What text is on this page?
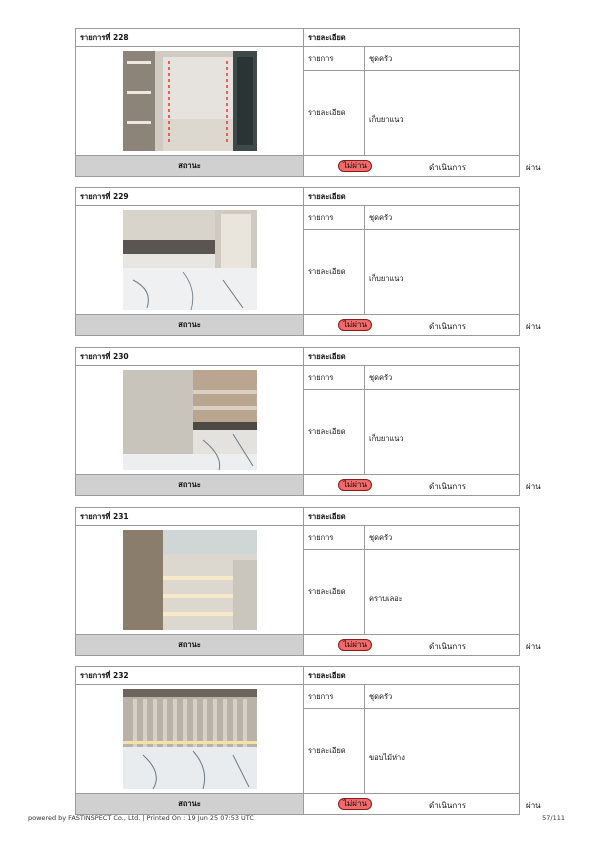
รายการที่ 228	รายละเอียด	

	รายการ	ชุดครัว
	รายละเอียด	เก็บยาแนว
สถานะ	ไม่ผ่าน ดำเนินการ ผ่าน	
รายการที่ 229	รายละเอียด	

	รายการ	ชุดครัว
	รายละเอียด	เก็บยาแนว
สถานะ	ไม่ผ่าน ดำเนินการ ผ่าน	
รายการที่ 230	รายละเอียด	

	รายการ	ชุดครัว
	รายละเอียด	เก็บยาแนว
สถานะ	ไม่ผ่าน ดำเนินการ ผ่าน	
รายการที่ 231	รายละเอียด	

	รายการ	ชุดครัว
	รายละเอียด	คราบเลอะ
สถานะ	ไม่ผ่าน ดำเนินการ ผ่าน	
รายการที่ 232	รายละเอียด	

	รายการ	ชุดครัว
	รายละเอียด	ขอบไม้ห่าง
สถานะ	ไม่ผ่าน ดำเนินการ ผ่าน	
powered by FASTINSPECT Co., Ltd. | Printed On : 19 Jun 25 07:53 UTC	57/111
